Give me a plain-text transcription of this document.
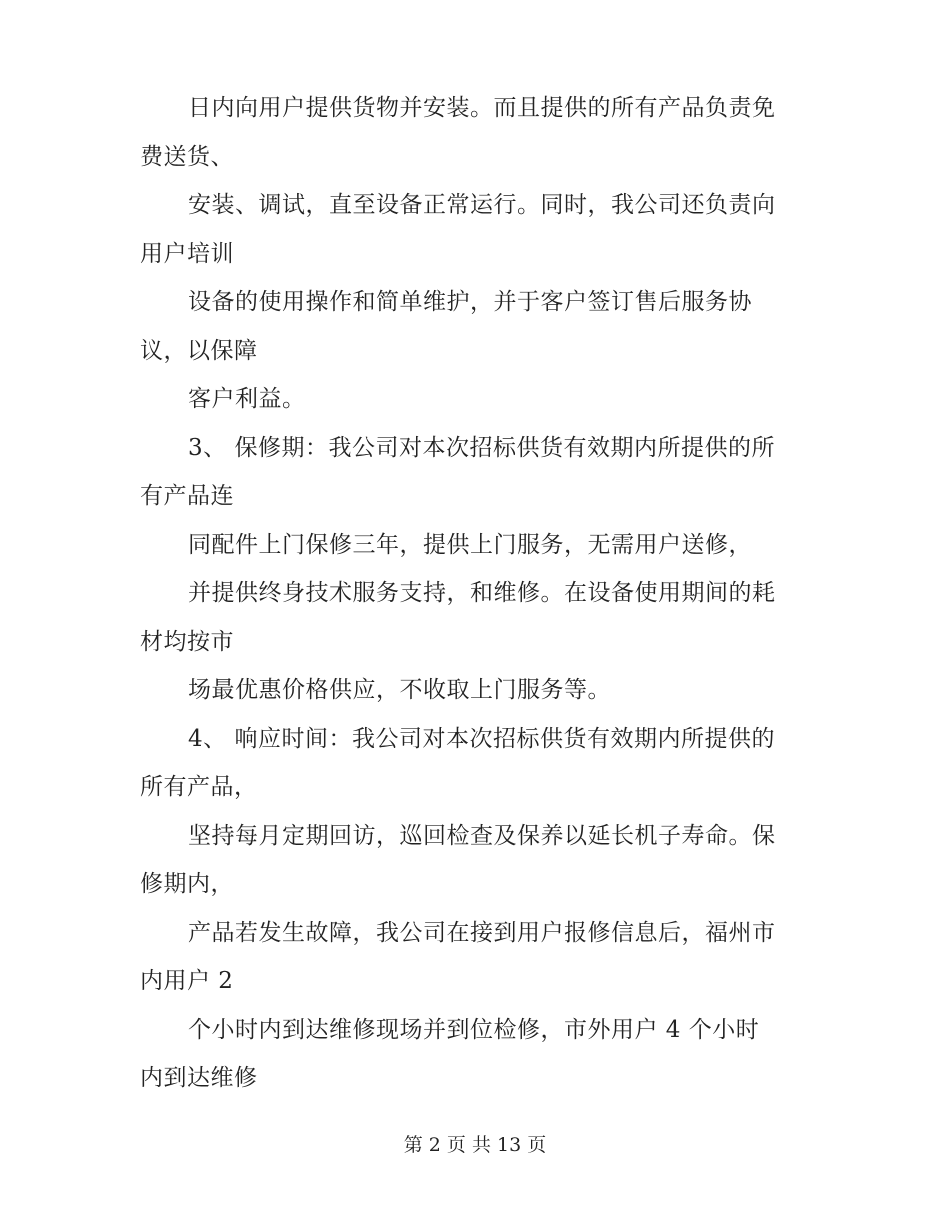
日内向用户提供货物并安装。而且提供的所有产品负责免
费送货、
安装、调试，直至设备正常运行。同时，我公司还负责向
用户培训
设备的使用操作和简单维护，并于客户签订售后服务协
议，以保障
客户利益。
3、 保修期：我公司对本次招标供货有效期内所提供的所
有产品连
同配件上门保修三年，提供上门服务，无需用户送修，
并提供终身技术服务支持，和维修。在设备使用期间的耗
材均按市
场最优惠价格供应，不收取上门服务等。
4、 响应时间：我公司对本次招标供货有效期内所提供的
所有产品，
坚持每月定期回访，巡回检查及保养以延长机子寿命。保
修期内，
产品若发生故障，我公司在接到用户报修信息后，福州市
内用户 2
个小时内到达维修现场并到位检修，市外用户 4 个小时
内到达维修
第 2 页 共 13 页
